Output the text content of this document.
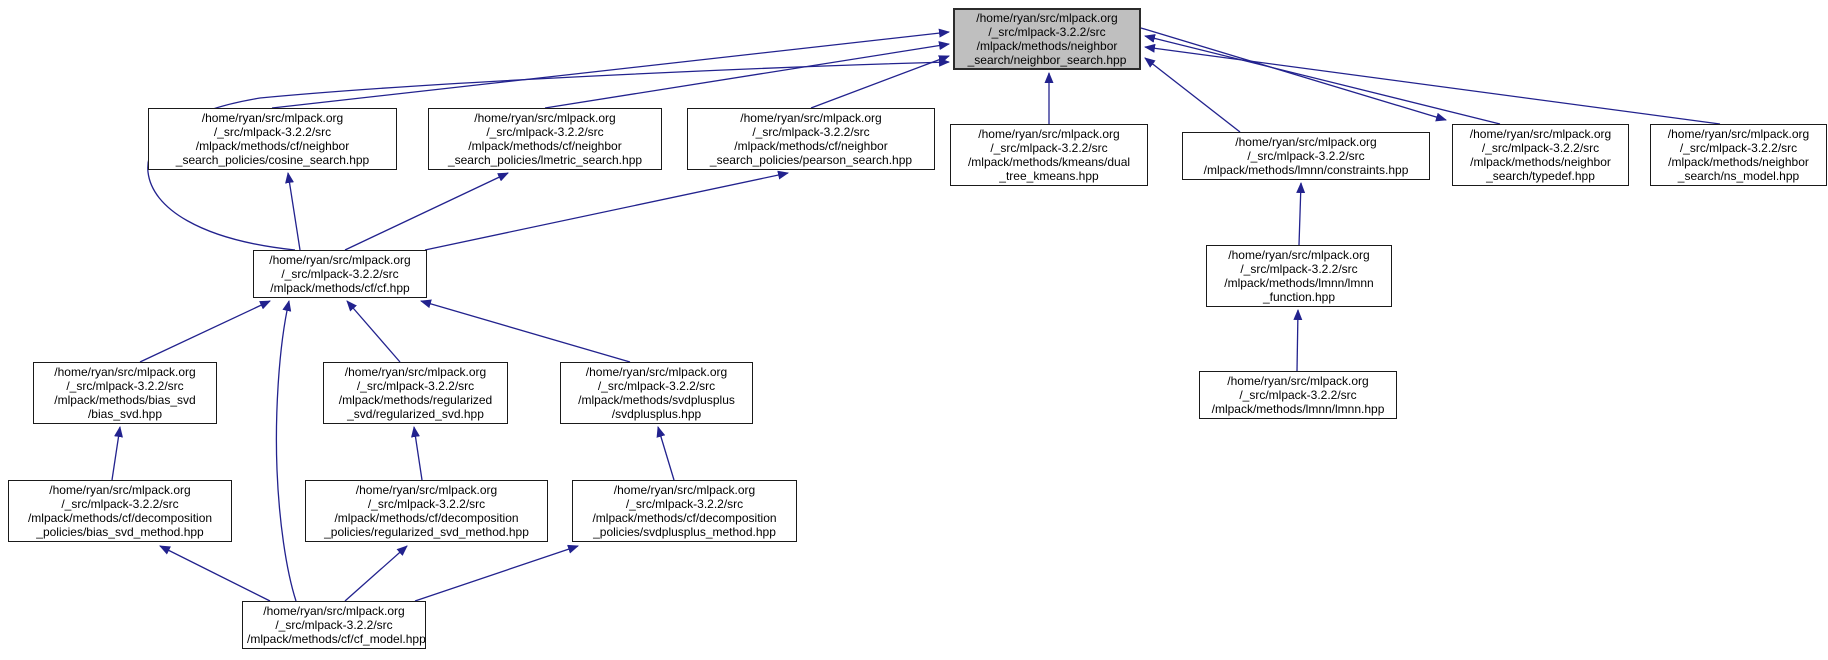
/home/ryan/src/mlpack.org
/_src/mlpack-3.2.2/src
/mlpack/methods/neighbor
_search/neighbor_search.hpp
/home/ryan/src/mlpack.org
/_src/mlpack-3.2.2/src
/mlpack/methods/cf/neighbor
_search_policies/cosine_search.hpp
/home/ryan/src/mlpack.org
/_src/mlpack-3.2.2/src
/mlpack/methods/cf/neighbor
_search_policies/lmetric_search.hpp
/home/ryan/src/mlpack.org
/_src/mlpack-3.2.2/src
/mlpack/methods/cf/neighbor
_search_policies/pearson_search.hpp
/home/ryan/src/mlpack.org
/_src/mlpack-3.2.2/src
/mlpack/methods/kmeans/dual
_tree_kmeans.hpp
/home/ryan/src/mlpack.org
/_src/mlpack-3.2.2/src
/mlpack/methods/lmnn/constraints.hpp
/home/ryan/src/mlpack.org
/_src/mlpack-3.2.2/src
/mlpack/methods/neighbor
_search/typedef.hpp
/home/ryan/src/mlpack.org
/_src/mlpack-3.2.2/src
/mlpack/methods/neighbor
_search/ns_model.hpp
/home/ryan/src/mlpack.org
/_src/mlpack-3.2.2/src
/mlpack/methods/cf/cf.hpp
/home/ryan/src/mlpack.org
/_src/mlpack-3.2.2/src
/mlpack/methods/bias_svd
/bias_svd.hpp
/home/ryan/src/mlpack.org
/_src/mlpack-3.2.2/src
/mlpack/methods/regularized
_svd/regularized_svd.hpp
/home/ryan/src/mlpack.org
/_src/mlpack-3.2.2/src
/mlpack/methods/svdplusplus
/svdplusplus.hpp
/home/ryan/src/mlpack.org
/_src/mlpack-3.2.2/src
/mlpack/methods/cf/decomposition
_policies/bias_svd_method.hpp
/home/ryan/src/mlpack.org
/_src/mlpack-3.2.2/src
/mlpack/methods/cf/decomposition
_policies/regularized_svd_method.hpp
/home/ryan/src/mlpack.org
/_src/mlpack-3.2.2/src
/mlpack/methods/cf/decomposition
_policies/svdplusplus_method.hpp
/home/ryan/src/mlpack.org
/_src/mlpack-3.2.2/src
/mlpack/methods/cf/cf_model.hpp
/home/ryan/src/mlpack.org
/_src/mlpack-3.2.2/src
/mlpack/methods/lmnn/lmnn
_function.hpp
/home/ryan/src/mlpack.org
/_src/mlpack-3.2.2/src
/mlpack/methods/lmnn/lmnn.hpp
